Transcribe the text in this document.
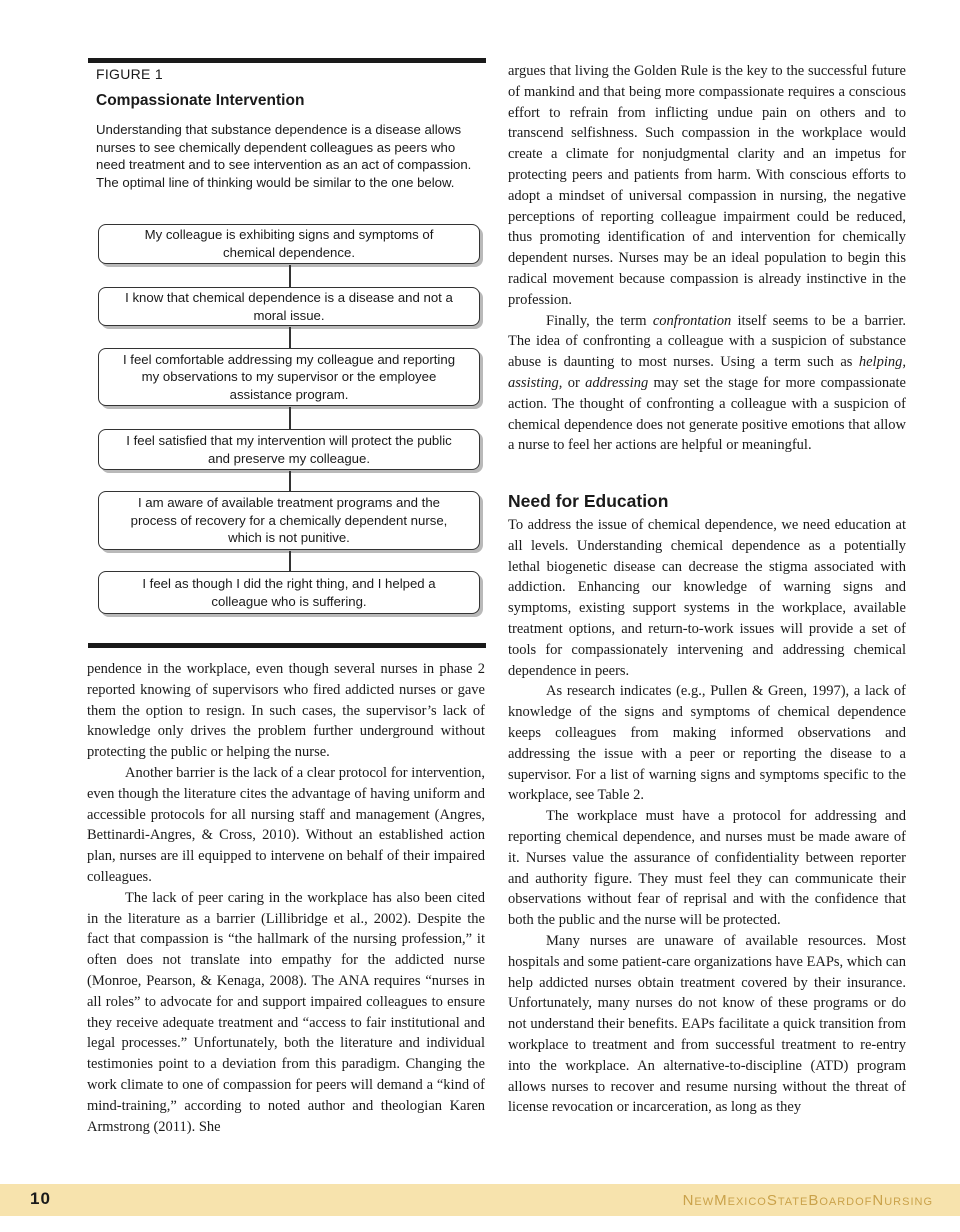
FIGURE 1
Compassionate Intervention
Understanding that substance dependence is a disease allows nurses to see chemically dependent colleagues as peers who need treatment and to see intervention as an act of compassion. The optimal line of thinking would be similar to the one below.
My colleague is exhibiting signs and symptoms of chemical dependence.
I know that chemical dependence is a disease and not a moral issue.
I feel comfortable addressing my colleague and reporting my observations to my supervisor or the employee assistance program.
I feel satisfied that my intervention will protect the public and preserve my colleague.
I am aware of available treatment programs and the process of recovery for a chemically dependent nurse, which is not punitive.
I feel as though I did the right thing, and I helped a colleague who is suffering.

pendence in the workplace, even though several nurses in phase 2 reported knowing of supervisors who fired addicted nurses or gave them the option to resign. In such cases, the supervisor’s lack of knowledge only drives the problem further underground without protecting the public or helping the nurse.

Another barrier is the lack of a clear protocol for intervention, even though the literature cites the advantage of having uniform and accessible protocols for all nursing staff and management (Angres, Bettinardi-Angres, & Cross, 2010). Without an established action plan, nurses are ill equipped to intervene on behalf of their impaired colleagues.

The lack of peer caring in the workplace has also been cited in the literature as a barrier (Lillibridge et al., 2002). Despite the fact that compassion is “the hallmark of the nursing profession,” it often does not translate into empathy for the addicted nurse (Monroe, Pearson, & Kenaga, 2008). The ANA requires “nurses in all roles” to advocate for and support impaired colleagues to ensure they receive adequate treatment and “access to fair institutional and legal processes.” Unfortunately, both the literature and individual testimonies point to a deviation from this paradigm. Changing the work climate to one of compassion for peers will demand a “kind of mind-training,” according to noted author and theologian Karen Armstrong (2011). She

argues that living the Golden Rule is the key to the successful future of mankind and that being more compassionate requires a conscious effort to refrain from inflicting undue pain on others and to transcend selfishness. Such compassion in the workplace would create a climate for nonjudgmental clarity and an impetus for protecting peers and patients from harm. With conscious efforts to adopt a mindset of universal compassion in nursing, the negative perceptions of reporting colleague impairment could be reduced, thus promoting identification of and intervention for chemically dependent nurses. Nurses may be an ideal population to begin this radical movement because compassion is already instinctive in the profession.

Finally, the term confrontation itself seems to be a barrier. The idea of confronting a colleague with a suspicion of substance abuse is daunting to most nurses. Using a term such as helping, assisting, or addressing may set the stage for more compassionate action. The thought of confronting a colleague with a suspicion of chemical dependence does not generate positive emotions that allow a nurse to feel her actions are helpful or meaningful.

Need for Education

To address the issue of chemical dependence, we need education at all levels. Understanding chemical dependence as a potentially lethal biogenetic disease can decrease the stigma associated with addiction. Enhancing our knowledge of warning signs and symptoms, existing support systems in the workplace, available treatment options, and return-to-work issues will provide a set of tools for compassionately intervening and addressing chemical dependence in peers.

As research indicates (e.g., Pullen & Green, 1997), a lack of knowledge of the signs and symptoms of chemical dependence keeps colleagues from making informed observations and addressing the issue with a peer or reporting the disease to a supervisor. For a list of warning signs and symptoms specific to the workplace, see Table 2.

The workplace must have a protocol for addressing and reporting chemical dependence, and nurses must be made aware of it. Nurses value the assurance of confidentiality between reporter and authority figure. They must feel they can communicate their observations without fear of reprisal and with the confidence that both the public and the nurse will be protected.

Many nurses are unaware of available resources. Most hospitals and some patient-care organizations have EAPs, which can help addicted nurses obtain treatment covered by their insurance. Unfortunately, many nurses do not know of these programs or do not understand their benefits. EAPs facilitate a quick transition from workplace to treatment and from successful treatment to re-entry into the workplace. An alternative-to-discipline (ATD) program allows nurses to recover and resume nursing without the threat of license revocation or incarceration, as long as they

10	NewMexicoStateBoardofNursing
